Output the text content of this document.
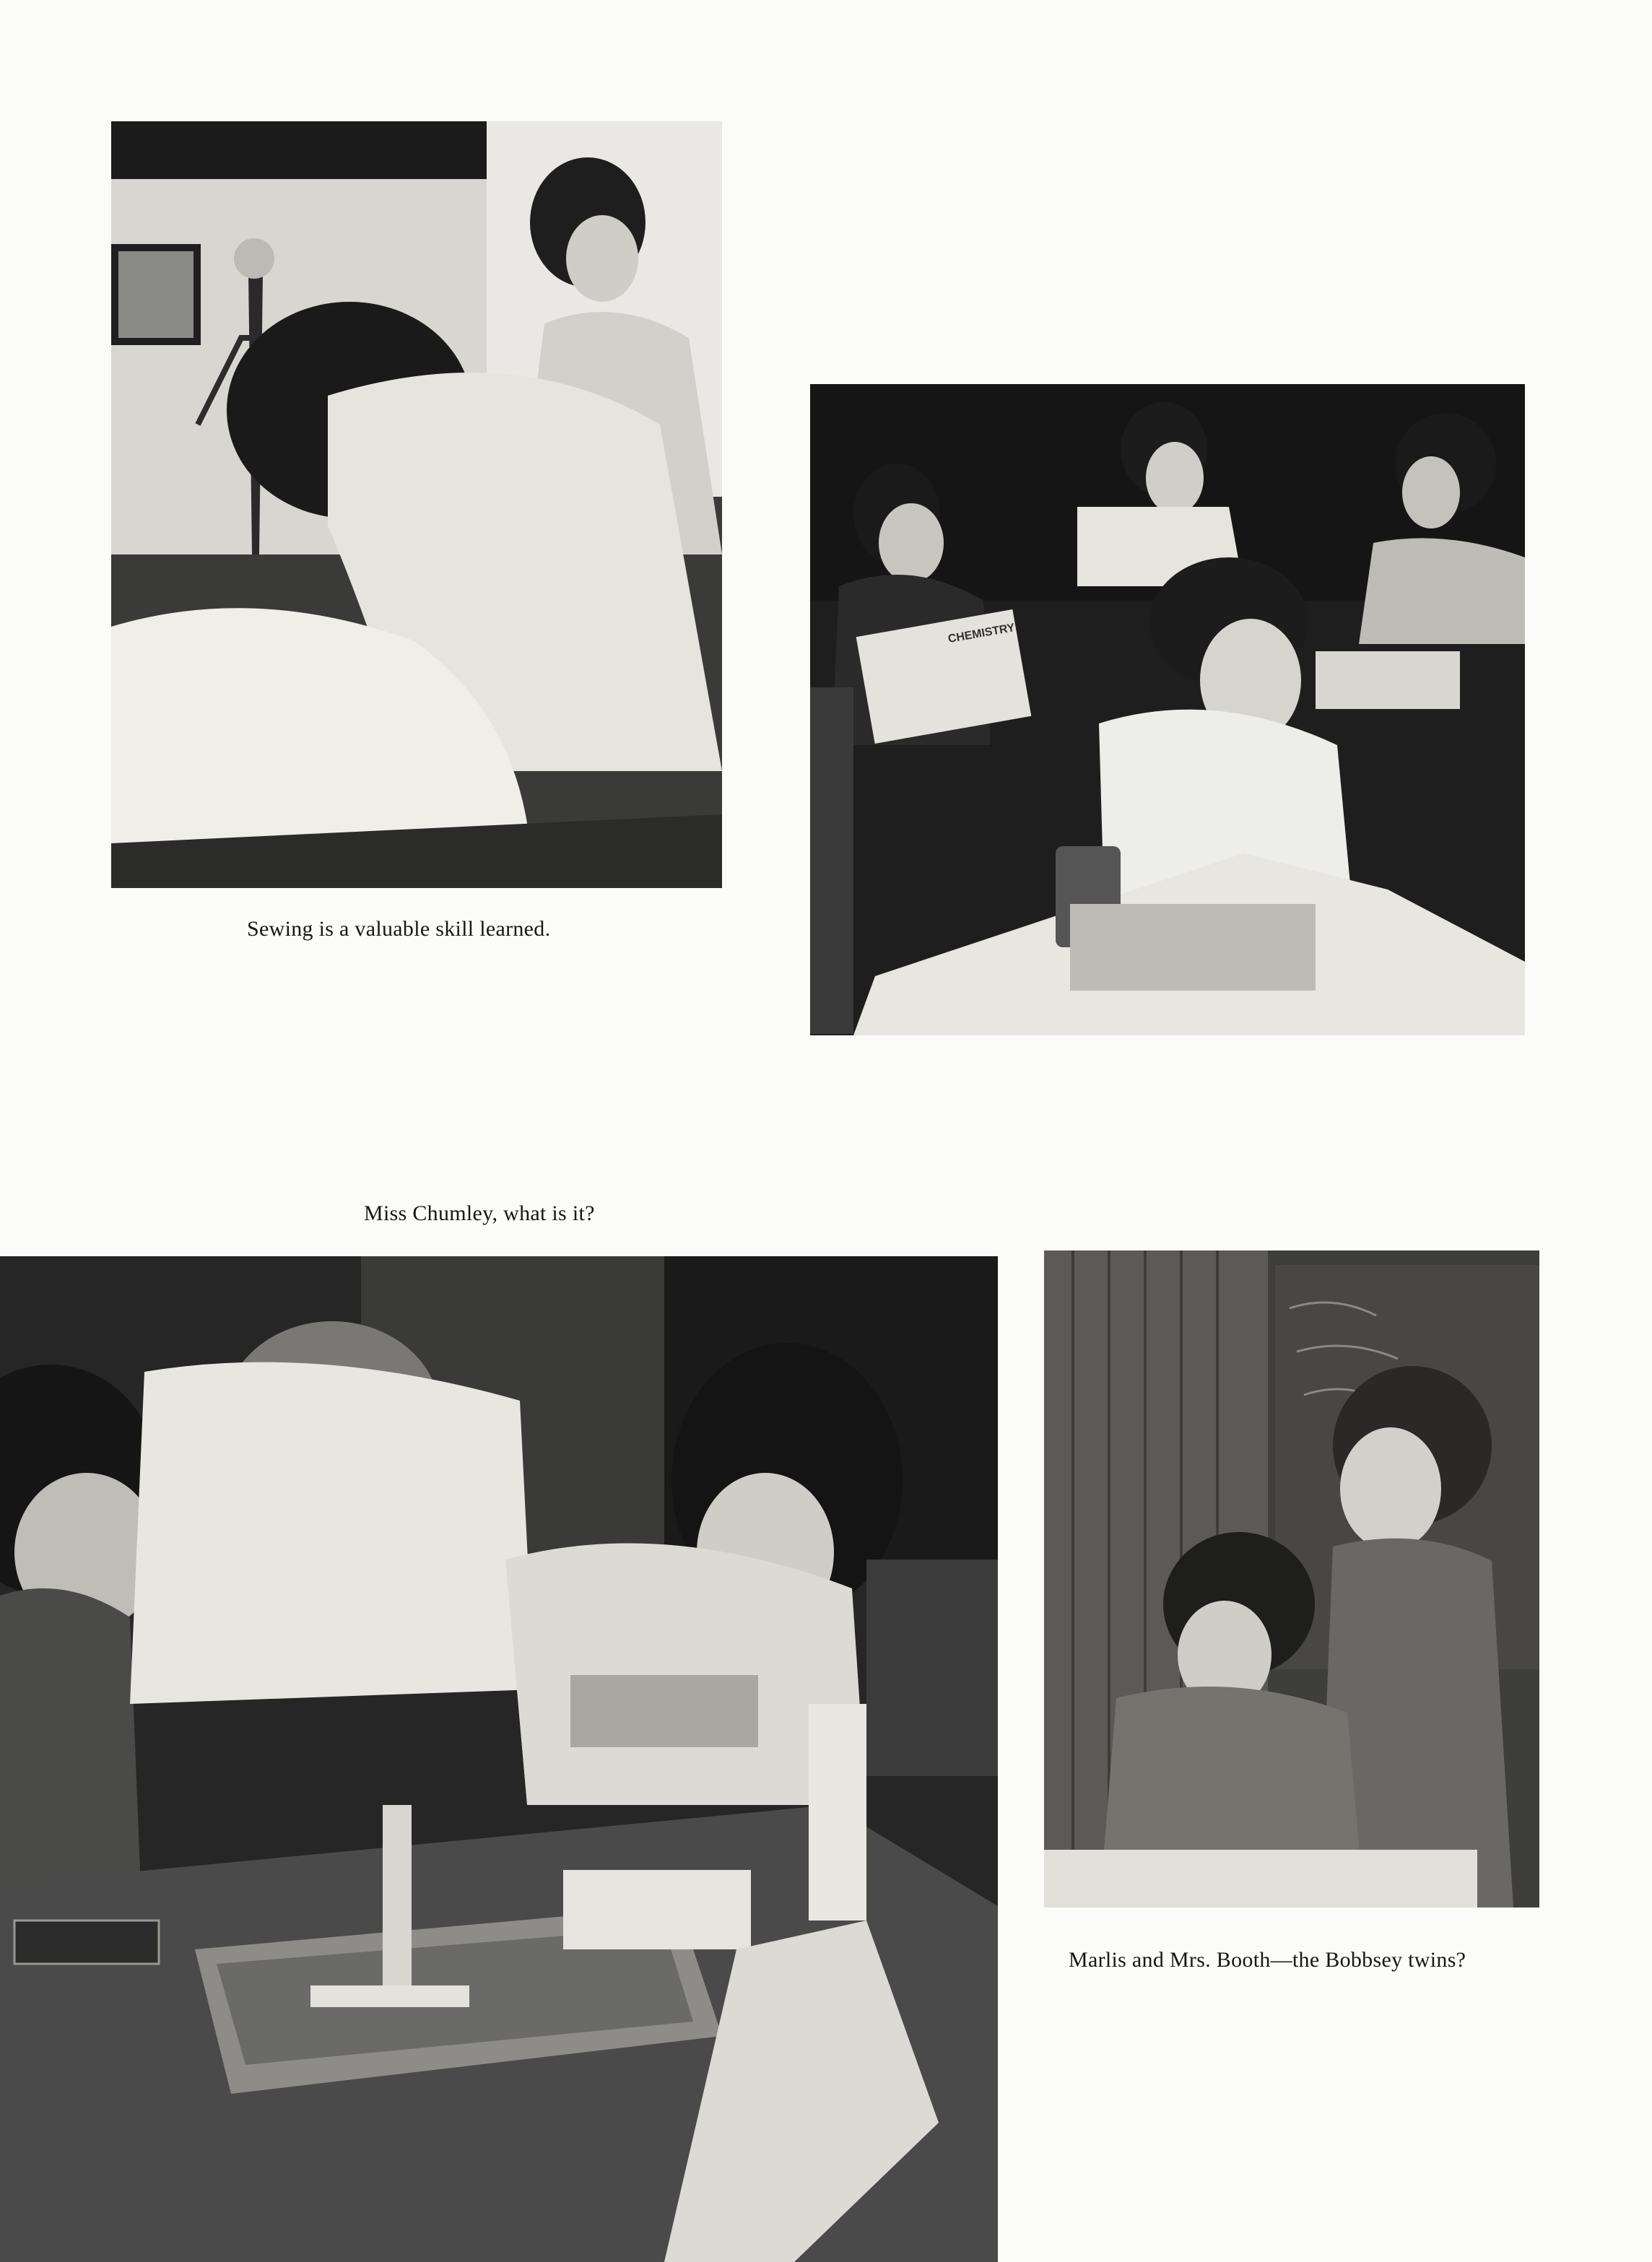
Sewing is a valuable skill learned.
CHEMISTRY
Miss Chumley, what is it?
Marlis and Mrs. Booth—the Bobbsey twins?
